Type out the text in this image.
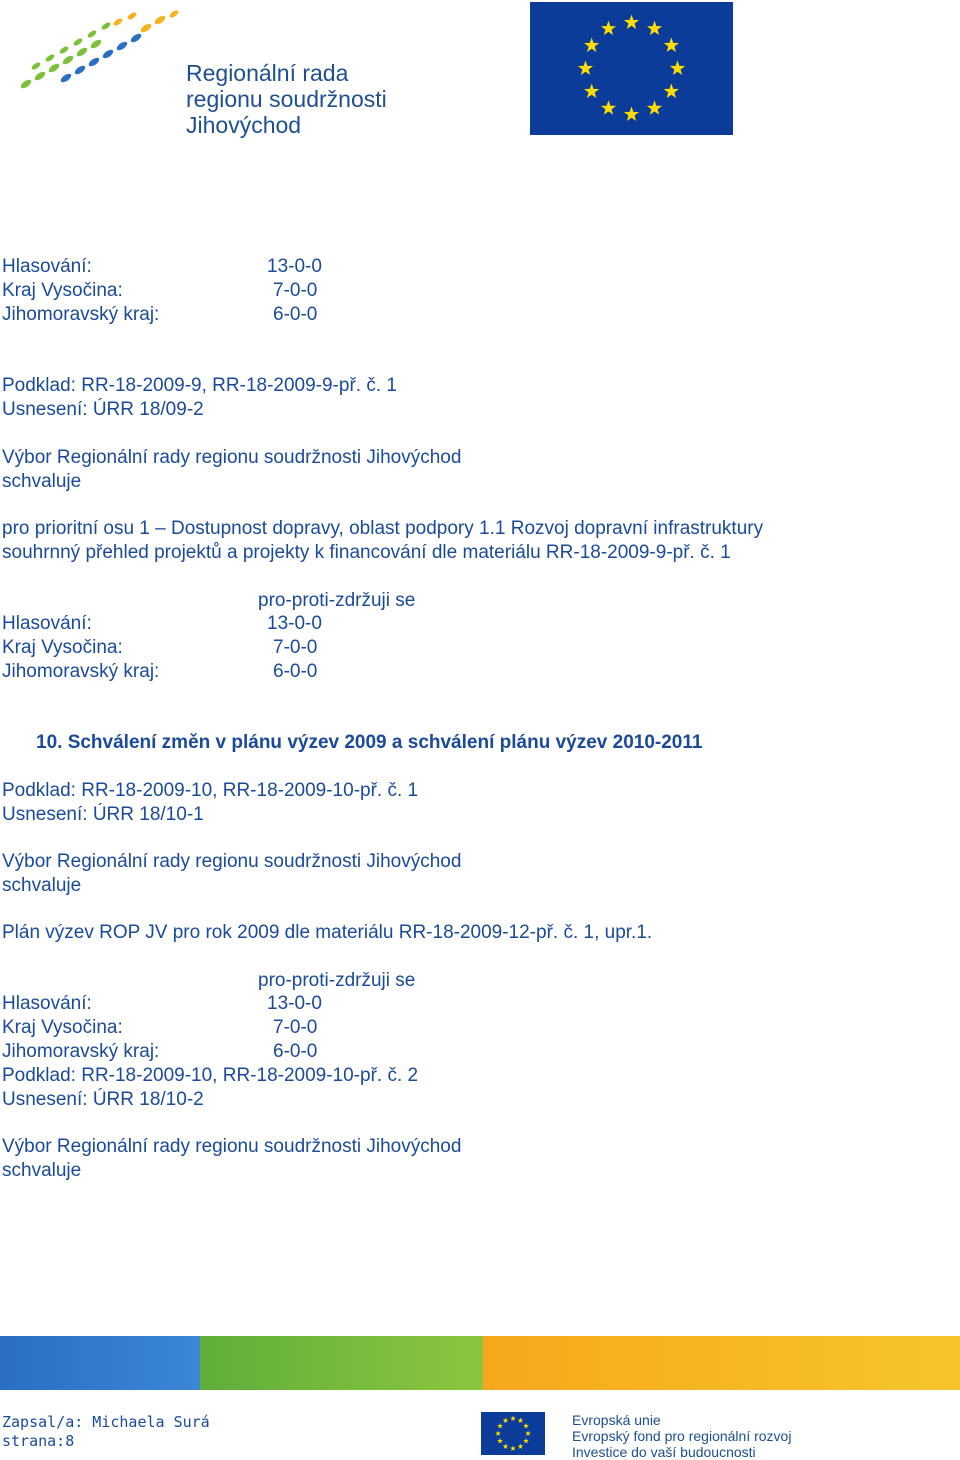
Regionální rada
regionu soudržnosti
Jihovýchod
Hlasování:	13-0-0
Kraj Vysočina:	7-0-0
Jihomoravský kraj:	6-0-0
Podklad: RR-18-2009-9, RR-18-2009-9-př. č. 1
Usnesení: ÚRR 18/09-2
Výbor Regionální rady regionu soudržnosti Jihovýchod
schvaluje
pro prioritní osu 1 – Dostupnost dopravy, oblast podpory 1.1 Rozvoj dopravní infrastruktury
souhrnný přehled projektů a projekty k financování dle materiálu RR-18-2009-9-př. č. 1
pro-proti-zdržuji se
Hlasování:	13-0-0
Kraj Vysočina:	7-0-0
Jihomoravský kraj:	6-0-0
10. Schválení změn v plánu výzev 2009 a schválení plánu výzev 2010-2011
Podklad: RR-18-2009-10, RR-18-2009-10-př. č. 1
Usnesení: ÚRR 18/10-1
Výbor Regionální rady regionu soudržnosti Jihovýchod
schvaluje
Plán výzev ROP JV pro rok 2009 dle materiálu RR-18-2009-12-př. č. 1, upr.1.
pro-proti-zdržuji se
Hlasování:	13-0-0
Kraj Vysočina:	7-0-0
Jihomoravský kraj:	6-0-0
Podklad: RR-18-2009-10, RR-18-2009-10-př. č. 2
Usnesení: ÚRR 18/10-2
Výbor Regionální rady regionu soudržnosti Jihovýchod
schvaluje
Zapsal/a: Michaela Surá
strana:8
Evropská unie
Evropský fond pro regionální rozvoj
Investice do vaší budoucnosti
